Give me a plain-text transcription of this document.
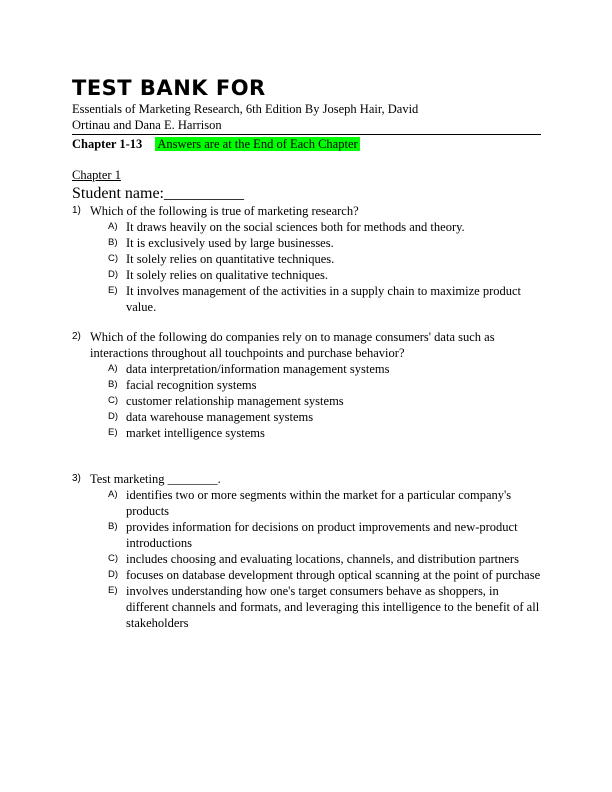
TEST BANK FOR

Essentials of Marketing Research, 6th Edition By Joseph Hair, David
Ortinau and Dana E. Harrison

Chapter 1-13 Answers are at the End of Each Chapter
Chapter 1
Student name:__________
1) Which of the following is true of marketing research?
A) It draws heavily on the social sciences both for methods and theory.
B) It is exclusively used by large businesses.
C) It solely relies on quantitative techniques.
D) It solely relies on qualitative techniques.
E) It involves management of the activities in a supply chain to maximize product value.
2) Which of the following do companies rely on to manage consumers' data such as interactions throughout all touchpoints and purchase behavior?
A) data interpretation/information management systems
B) facial recognition systems
C) customer relationship management systems
D) data warehouse management systems
E) market intelligence systems
3) Test marketing ________.
A) identifies two or more segments within the market for a particular company's products
B) provides information for decisions on product improvements and new-product introductions
C) includes choosing and evaluating locations, channels, and distribution partners
D) focuses on database development through optical scanning at the point of purchase
E) involves understanding how one's target consumers behave as shoppers, in different channels and formats, and leveraging this intelligence to the benefit of all stakeholders
